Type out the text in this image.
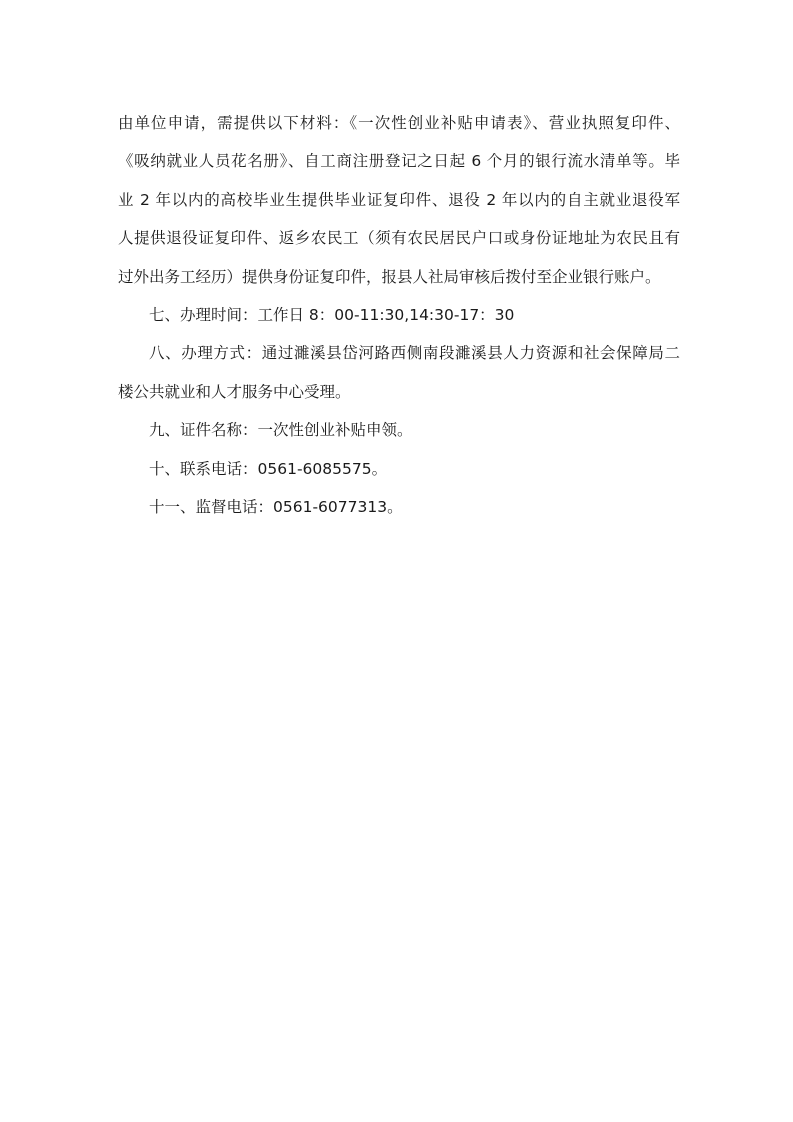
由单位申请，需提供以下材料：《一次性创业补贴申请表》、营业执照复印件、
《吸纳就业人员花名册》、自工商注册登记之日起 6 个月的银行流水清单等。毕
业 2 年以内的高校毕业生提供毕业证复印件、退役 2 年以内的自主就业退役军
人提供退役证复印件、返乡农民工（须有农民居民户口或身份证地址为农民且有
过外出务工经历）提供身份证复印件，报县人社局审核后拨付至企业银行账户。
七、办理时间：工作日 8：00-11:30,14:30-17：30
八、办理方式：通过濉溪县岱河路西侧南段濉溪县人力资源和社会保障局二
楼公共就业和人才服务中心受理。
九、证件名称：一次性创业补贴申领。
十、联系电话：0561-6085575。
十一、监督电话：0561-6077313。
